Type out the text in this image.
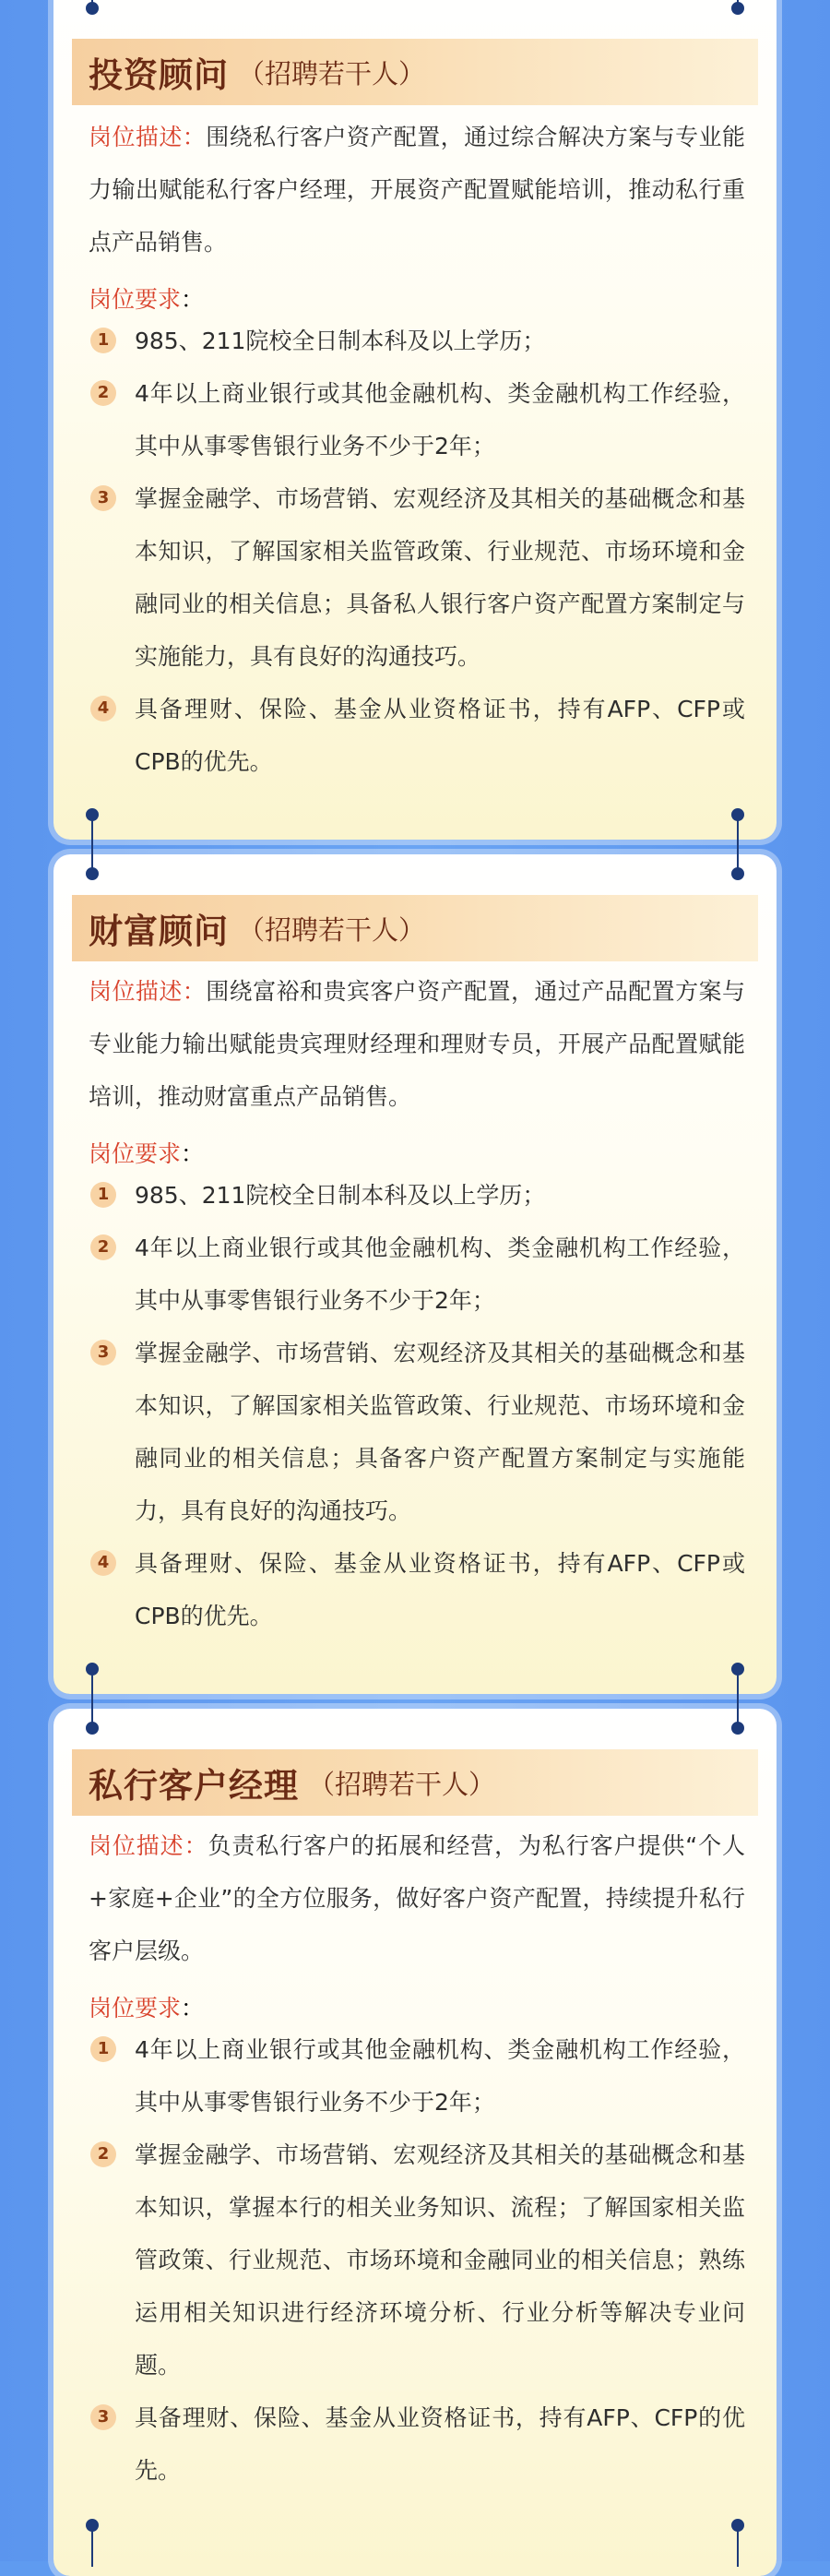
投资顾问 （招聘若干人）
岗位描述：围绕私行客户资产配置，通过综合解决方案与专业能力输出赋能私行客户经理，开展资产配置赋能培训，推动私行重点产品销售。
岗位要求：
1	985、211院校全日制本科及以上学历；
2	4年以上商业银行或其他金融机构、类金融机构工作经验，其中从事零售银行业务不少于2年；
3	掌握金融学、市场营销、宏观经济及其相关的基础概念和基本知识，了解国家相关监管政策、行业规范、市场环境和金融同业的相关信息；具备私人银行客户资产配置方案制定与实施能力，具有良好的沟通技巧。
4	具备理财、保险、基金从业资格证书，持有AFP、CFP或CPB的优先。
财富顾问 （招聘若干人）
岗位描述：围绕富裕和贵宾客户资产配置，通过产品配置方案与专业能力输出赋能贵宾理财经理和理财专员，开展产品配置赋能培训，推动财富重点产品销售。
岗位要求：
1	985、211院校全日制本科及以上学历；
2	4年以上商业银行或其他金融机构、类金融机构工作经验，其中从事零售银行业务不少于2年；
3	掌握金融学、市场营销、宏观经济及其相关的基础概念和基本知识，了解国家相关监管政策、行业规范、市场环境和金融同业的相关信息；具备客户资产配置方案制定与实施能力，具有良好的沟通技巧。
4	具备理财、保险、基金从业资格证书，持有AFP、CFP或CPB的优先。
私行客户经理 （招聘若干人）
岗位描述：负责私行客户的拓展和经营，为私行客户提供“个人+家庭+企业”的全方位服务，做好客户资产配置，持续提升私行客户层级。
岗位要求：
1	4年以上商业银行或其他金融机构、类金融机构工作经验，其中从事零售银行业务不少于2年；
2	掌握金融学、市场营销、宏观经济及其相关的基础概念和基本知识，掌握本行的相关业务知识、流程；了解国家相关监管政策、行业规范、市场环境和金融同业的相关信息；熟练运用相关知识进行经济环境分析、行业分析等解决专业问题。
3	具备理财、保险、基金从业资格证书，持有AFP、CFP的优先。
